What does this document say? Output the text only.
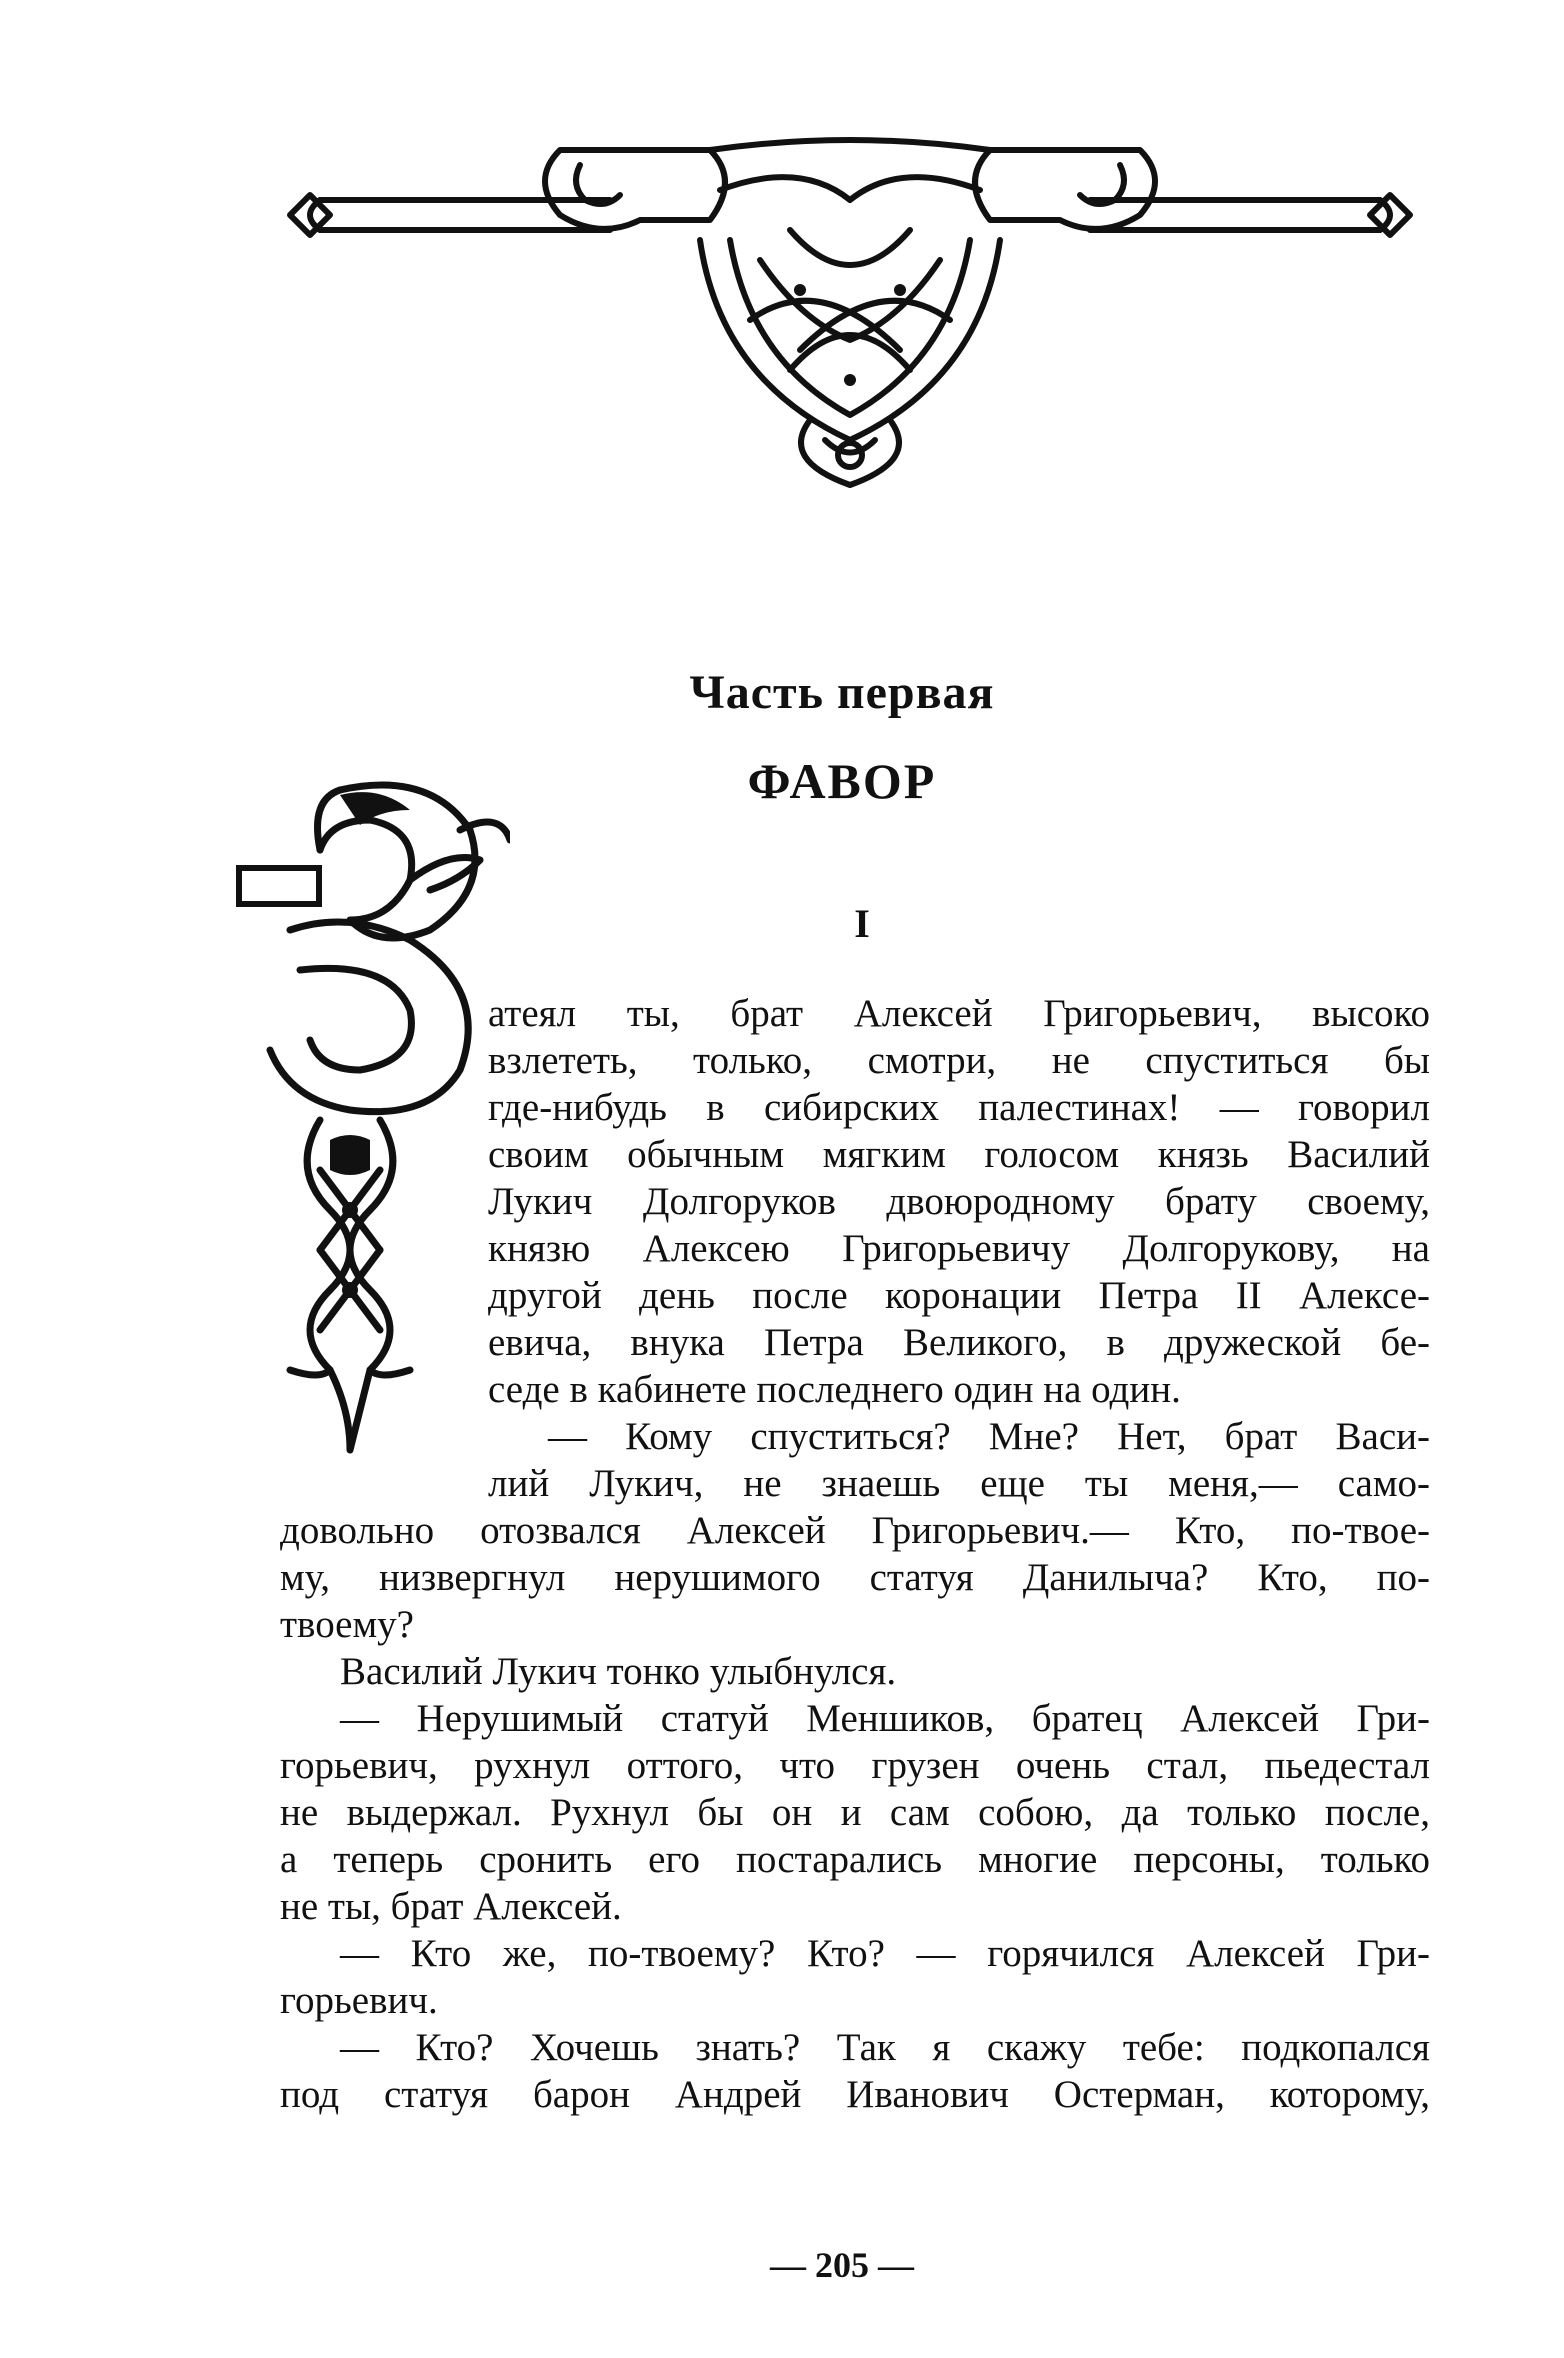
Часть первая
ФАВОР
I
атеял ты, брат Алексей Григорьевич, высоко
взлететь, только, смотри, не спуститься бы
где-нибудь в сибирских палестинах! — говорил
своим обычным мягким голосом князь Василий
Лукич Долгоруков двоюродному брату своему,
князю Алексею Григорьевичу Долгорукову, на
другой день после коронации Петра II Алексе-
евича, внука Петра Великого, в дружеской бе-
седе в кабинете последнего один на один.
— Кому спуститься? Мне? Нет, брат Васи-
лий Лукич, не знаешь еще ты меня,— само-
довольно отозвался Алексей Григорьевич.— Кто, по-твое-
му, низвергнул нерушимого статуя Данилыча? Кто, по-
твоему?
Василий Лукич тонко улыбнулся.
— Нерушимый статуй Меншиков, братец Алексей Гри-
горьевич, рухнул оттого, что грузен очень стал, пьедестал
не выдержал. Рухнул бы он и сам собою, да только после,
а теперь сронить его постарались многие персоны, только
не ты, брат Алексей.
— Кто же, по-твоему? Кто? — горячился Алексей Гри-
горьевич.
— Кто? Хочешь знать? Так я скажу тебе: подкопался
под статуя барон Андрей Иванович Остерман, которому,
— 205 —
